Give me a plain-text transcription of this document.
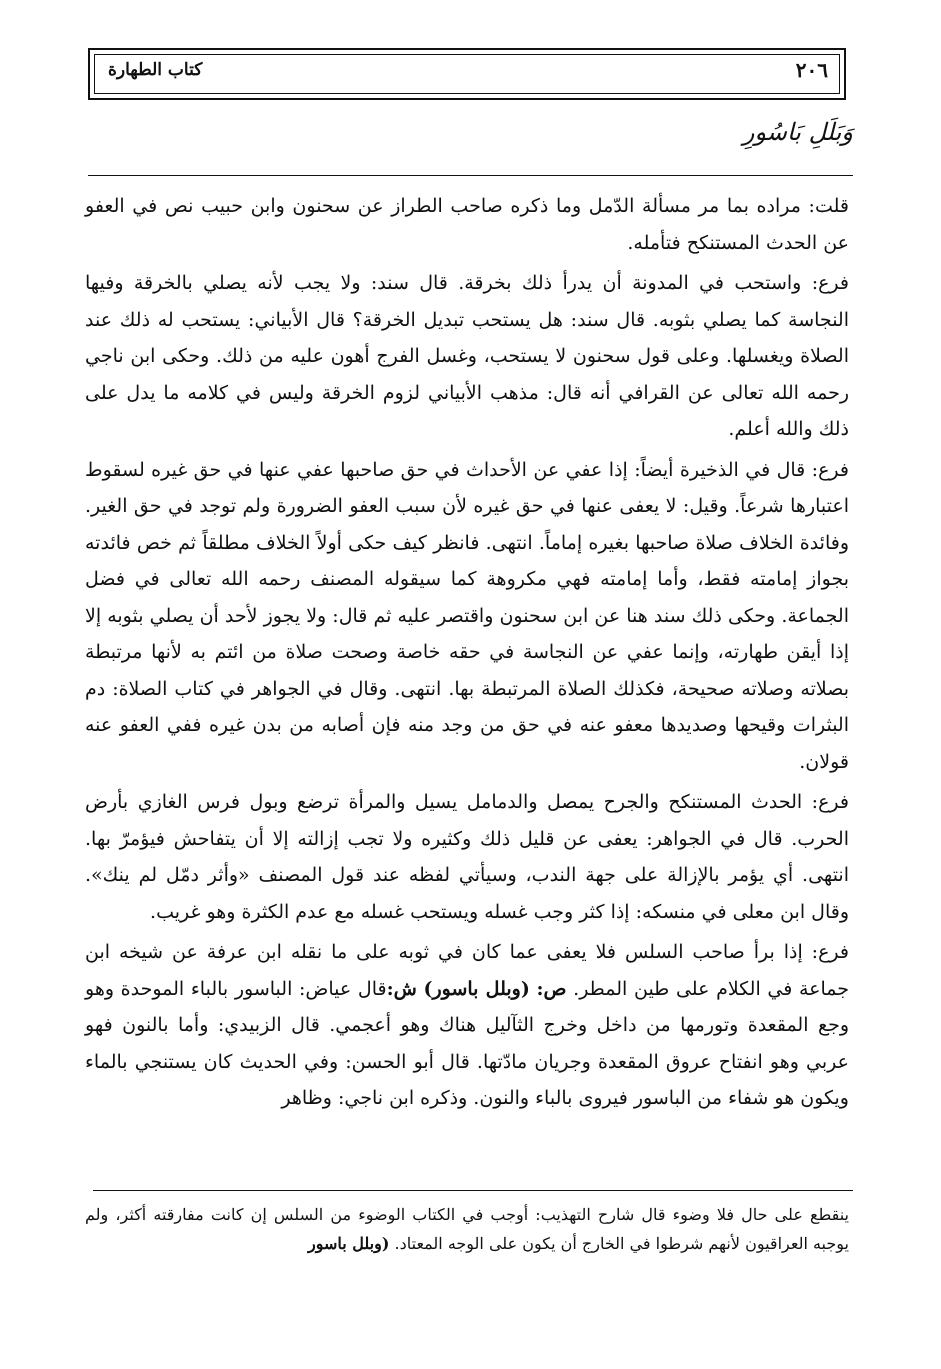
٢٠٦
كتاب الطهارة
وَبَلَلِ بَاسُورِ

قلت: مراده بما مر مسألة الدّمل وما ذكره صاحب الطراز عن سحنون وابن حبيب نص في العفو عن الحدث المستنكح فتأمله.

فرع: واستحب في المدونة أن يدرأ ذلك بخرقة. قال سند: ولا يجب لأنه يصلي بالخرقة وفيها النجاسة كما يصلي بثوبه. قال سند: هل يستحب تبديل الخرقة؟ قال الأبياني: يستحب له ذلك عند الصلاة ويغسلها. وعلى قول سحنون لا يستحب، وغسل الفرج أهون عليه من ذلك. وحكى ابن ناجي رحمه الله تعالى عن القرافي أنه قال: مذهب الأبياني لزوم الخرقة وليس في كلامه ما يدل على ذلك والله أعلم.

فرع: قال في الذخيرة أيضاً: إذا عفي عن الأحداث في حق صاحبها عفي عنها في حق غيره لسقوط اعتبارها شرعاً. وقيل: لا يعفى عنها في حق غيره لأن سبب العفو الضرورة ولم توجد في حق الغير. وفائدة الخلاف صلاة صاحبها بغيره إماماً. انتهى. فانظر كيف حكى أولاً الخلاف مطلقاً ثم خص فائدته بجواز إمامته فقط، وأما إمامته فهي مكروهة كما سيقوله المصنف رحمه الله تعالى في فضل الجماعة. وحكى ذلك سند هنا عن ابن سحنون واقتصر عليه ثم قال: ولا يجوز لأحد أن يصلي بثوبه إلا إذا أيقن طهارته، وإنما عفي عن النجاسة في حقه خاصة وصحت صلاة من ائتم به لأنها مرتبطة بصلاته وصلاته صحيحة، فكذلك الصلاة المرتبطة بها. انتهى. وقال في الجواهر في كتاب الصلاة: دم البثرات وقيحها وصديدها معفو عنه في حق من وجد منه فإن أصابه من بدن غيره ففي العفو عنه قولان.

فرع: الحدث المستنكح والجرح يمصل والدمامل يسيل والمرأة ترضع وبول فرس الغازي بأرض الحرب. قال في الجواهر: يعفى عن قليل ذلك وكثيره ولا تجب إزالته إلا أن يتفاحش فيؤمرّ بها. انتهى. أي يؤمر بالإزالة على جهة الندب، وسيأتي لفظه عند قول المصنف «وأثر دمّل لم ينك». وقال ابن معلى في منسكه: إذا كثر وجب غسله ويستحب غسله مع عدم الكثرة وهو غريب.

فرع: إذا برأ صاحب السلس فلا يعفى عما كان في ثوبه على ما نقله ابن عرفة عن شيخه ابن جماعة في الكلام على طين المطر. ص: (وبلل باسور) ش:قال عياض: الباسور بالباء الموحدة وهو وجع المقعدة وتورمها من داخل وخرج الثآليل هناك وهو أعجمي. قال الزبيدي: وأما بالنون فهو عربي وهو انفتاح عروق المقعدة وجريان مادّتها. قال أبو الحسن: وفي الحديث كان يستنجي بالماء ويكون هو شفاء من الباسور فيروى بالباء والنون. وذكره ابن ناجي: وظاهر

ينقطع على حال فلا وضوء قال شارح التهذيب: أوجب في الكتاب الوضوء من السلس إن كانت مفارقته أكثر، ولم يوجبه العراقيون لأنهم شرطوا في الخارج أن يكون على الوجه المعتاد. (وبلل باسور
